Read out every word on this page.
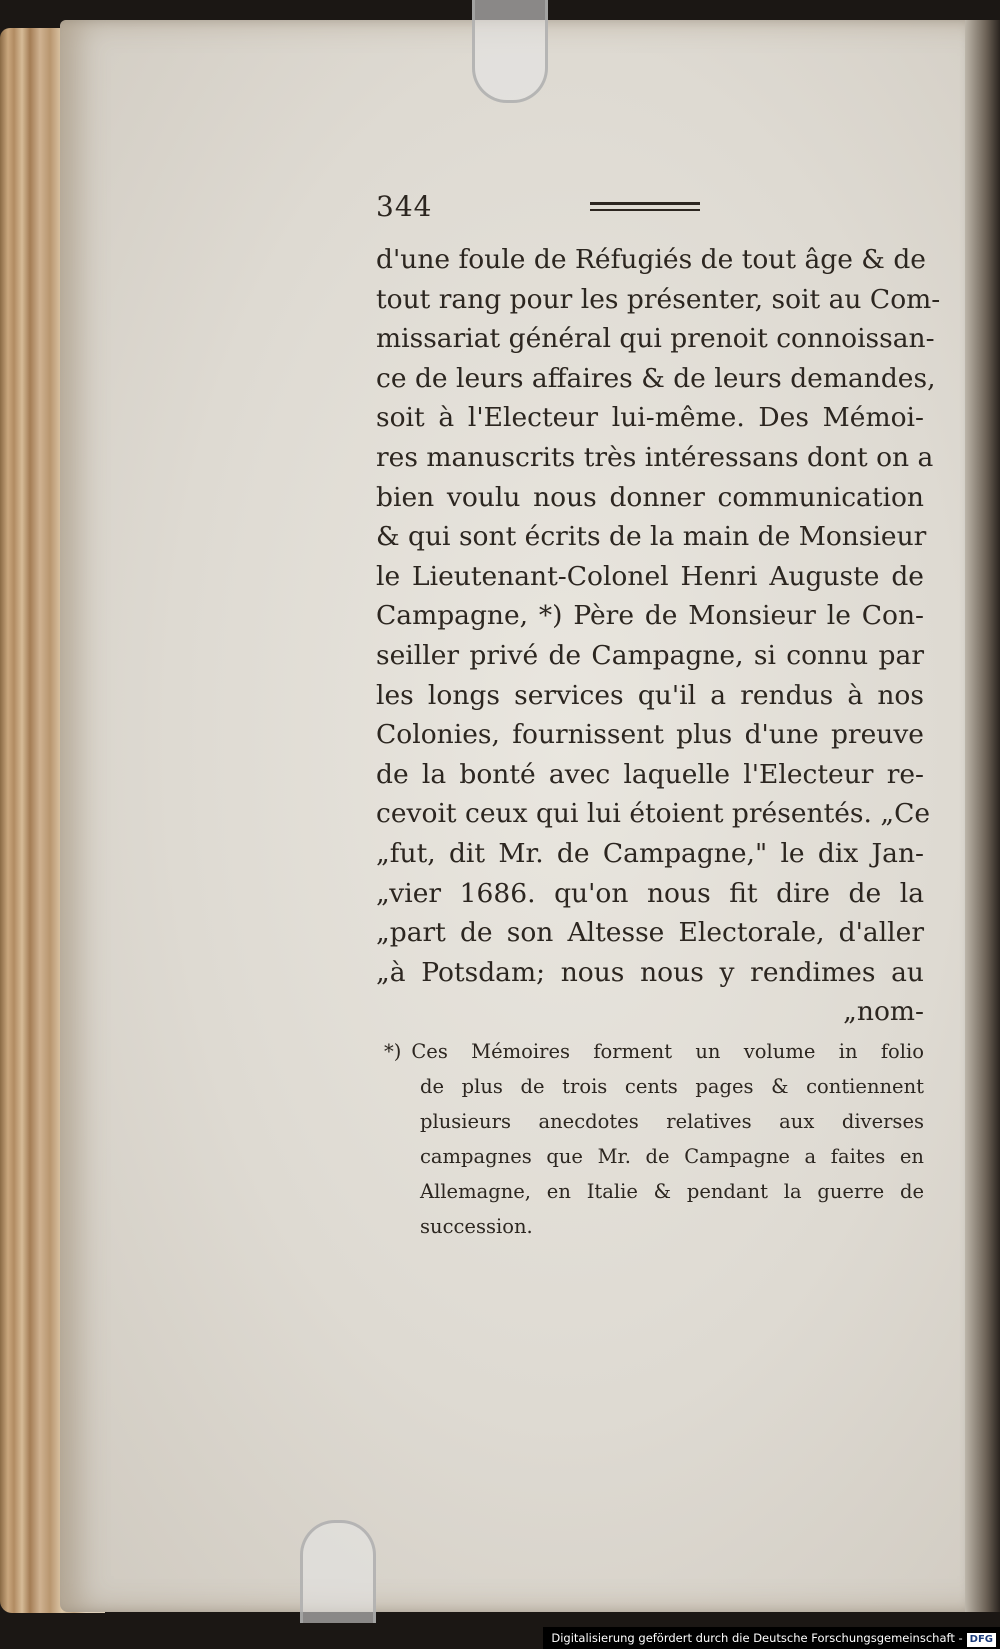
344
d'une foule de Réfugiés de tout âge & de
tout rang pour les présenter, soit au Com-
missariat général qui prenoit connoissan-
ce de leurs affaires & de leurs demandes,
soit à l'Electeur lui-même. Des Mémoi-
res manuscrits très intéressans dont on a
bien voulu nous donner communication
& qui sont écrits de la main de Monsieur
le Lieutenant-Colonel Henri Auguste de
Campagne, *) Père de Monsieur le Con-
seiller privé de Campagne, si connu par
les longs services qu'il a rendus à nos
Colonies, fournissent plus d'une preuve
de la bonté avec laquelle l'Electeur re-
cevoit ceux qui lui étoient présentés. „Ce
„fut, dit Mr. de Campagne," le dix Jan-
„vier 1686. qu'on nous fit dire de la
„part de son Altesse Electorale, d'aller
„à Potsdam; nous nous y rendimes au
„nom-
*) Ces Mémoires forment un volume in folio
de plus de trois cents pages & contiennent
plusieurs anecdotes relatives aux diverses
campagnes que Mr. de Campagne a faites en
Allemagne, en Italie & pendant la guerre de
succession.
Digitalisierung gefördert durch die Deutsche Forschungsgemeinschaft - DFG
